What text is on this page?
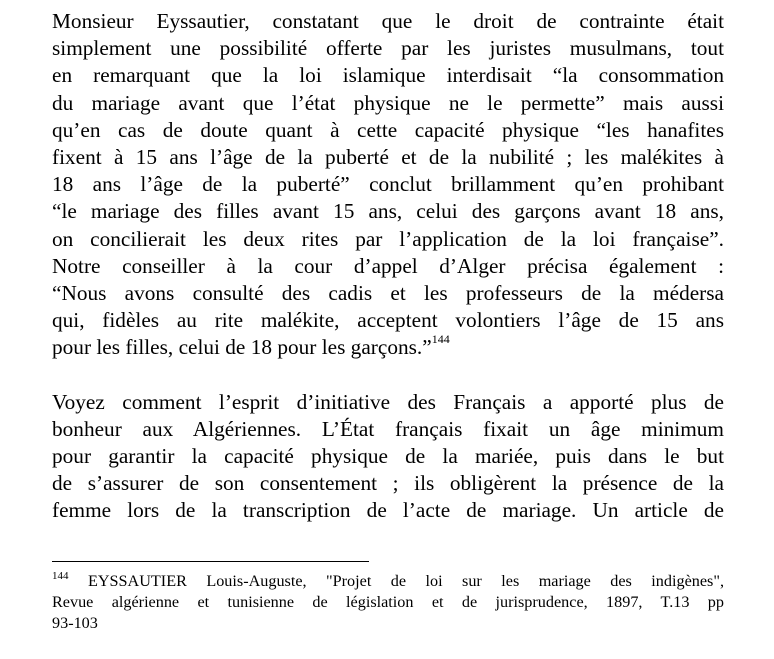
Monsieur Eyssautier, constatant que le droit de contrainte était
simplement une possibilité offerte par les juristes musulmans, tout
en remarquant que la loi islamique interdisait “la consommation
du mariage avant que l’état physique ne le permette” mais aussi
qu’en cas de doute quant à cette capacité physique “les hanafites
fixent à 15 ans l’âge de la puberté et de la nubilité ; les malékites à
18 ans l’âge de la puberté” conclut brillamment qu’en prohibant
“le mariage des filles avant 15 ans, celui des garçons avant 18 ans,
on concilierait les deux rites par l’application de la loi française”.
Notre conseiller à la cour d’appel d’Alger précisa également :
“Nous avons consulté des cadis et les professeurs de la médersa
qui, fidèles au rite malékite, acceptent volontiers l’âge de 15 ans
pour les filles, celui de 18 pour les garçons.”$^{144}$
Voyez comment l’esprit d’initiative des Français a apporté plus de
bonheur aux Algériennes. L’État français fixait un âge minimum
pour garantir la capacité physique de la mariée, puis dans le but
de s’assurer de son consentement ; ils obligèrent la présence de la
femme lors de la transcription de l’acte de mariage. Un article de
$^{144}$ EYSSAUTIER Louis-Auguste, "Projet de loi sur les mariage des indigènes",
Revue algérienne et tunisienne de législation et de jurisprudence, 1897, T.13 pp
93-103
